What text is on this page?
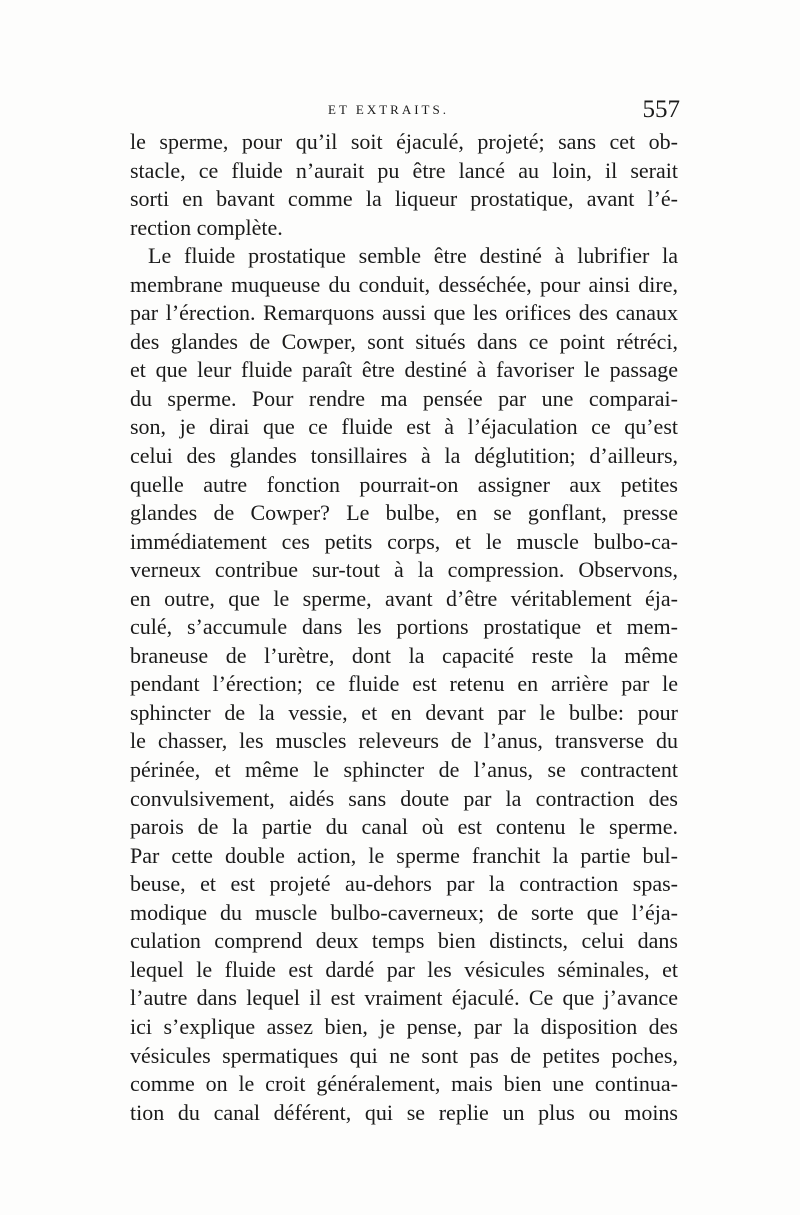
ET EXTRAITS.	557
le sperme, pour qu’il soit éjaculé, projeté; sans cet ob-
stacle, ce fluide n’aurait pu être lancé au loin, il serait
sorti en bavant comme la liqueur prostatique, avant l’é-
rection complète.
Le fluide prostatique semble être destiné à lubrifier la
membrane muqueuse du conduit, desséchée, pour ainsi dire,
par l’érection. Remarquons aussi que les orifices des canaux
des glandes de Cowper, sont situés dans ce point rétréci,
et que leur fluide paraît être destiné à favoriser le passage
du sperme. Pour rendre ma pensée par une comparai-
son, je dirai que ce fluide est à l’éjaculation ce qu’est
celui des glandes tonsillaires à la déglutition; d’ailleurs,
quelle autre fonction pourrait-on assigner aux petites
glandes de Cowper? Le bulbe, en se gonflant, presse
immédiatement ces petits corps, et le muscle bulbo-ca-
verneux contribue sur-tout à la compression. Observons,
en outre, que le sperme, avant d’être véritablement éja-
culé, s’accumule dans les portions prostatique et mem-
braneuse de l’urètre, dont la capacité reste la même
pendant l’érection; ce fluide est retenu en arrière par le
sphincter de la vessie, et en devant par le bulbe: pour
le chasser, les muscles releveurs de l’anus, transverse du
périnée, et même le sphincter de l’anus, se contractent
convulsivement, aidés sans doute par la contraction des
parois de la partie du canal où est contenu le sperme.
Par cette double action, le sperme franchit la partie bul-
beuse, et est projeté au-dehors par la contraction spas-
modique du muscle bulbo-caverneux; de sorte que l’éja-
culation comprend deux temps bien distincts, celui dans
lequel le fluide est dardé par les vésicules séminales, et
l’autre dans lequel il est vraiment éjaculé. Ce que j’avance
ici s’explique assez bien, je pense, par la disposition des
vésicules spermatiques qui ne sont pas de petites poches,
comme on le croit généralement, mais bien une continua-
tion du canal déférent, qui se replie un plus ou moins
